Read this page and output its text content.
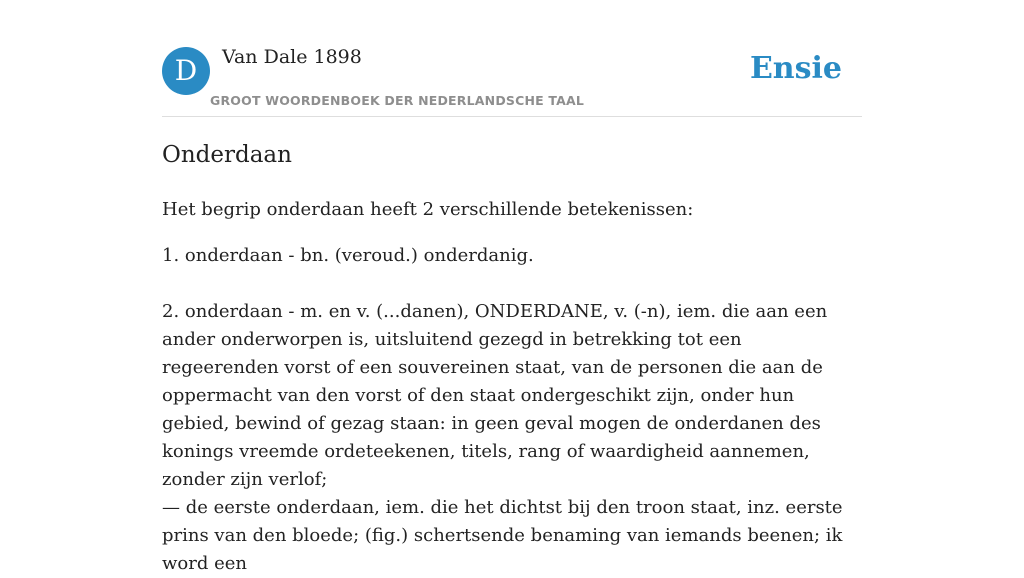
D	Van Dale 1898
GROOT WOORDENBOEK DER NEDERLANDSCHE TAAL
Ensie
Onderdaan

Het begrip onderdaan heeft 2 verschillende betekenissen:

1. onderdaan - bn. (veroud.) onderdanig.

2. onderdaan - m. en v. (...danen), ONDERDANE, v. (-n), iem. die aan een ander onderworpen is, uitsluitend gezegd in betrekking tot een regeerenden vorst of een souvereinen staat, van de personen die aan de oppermacht van den vorst of den staat ondergeschikt zijn, onder hun gebied, bewind of gezag staan: in geen geval mogen de onderdanen des konings vreemde ordeteekenen, titels, rang of waardigheid aannemen, zonder zijn verlof;
— de eerste onderdaan, iem. die het dichtst bij den troon staat, inz. eerste prins van den bloede; (fig.) schertsende benaming van iemands beenen; ik word een
